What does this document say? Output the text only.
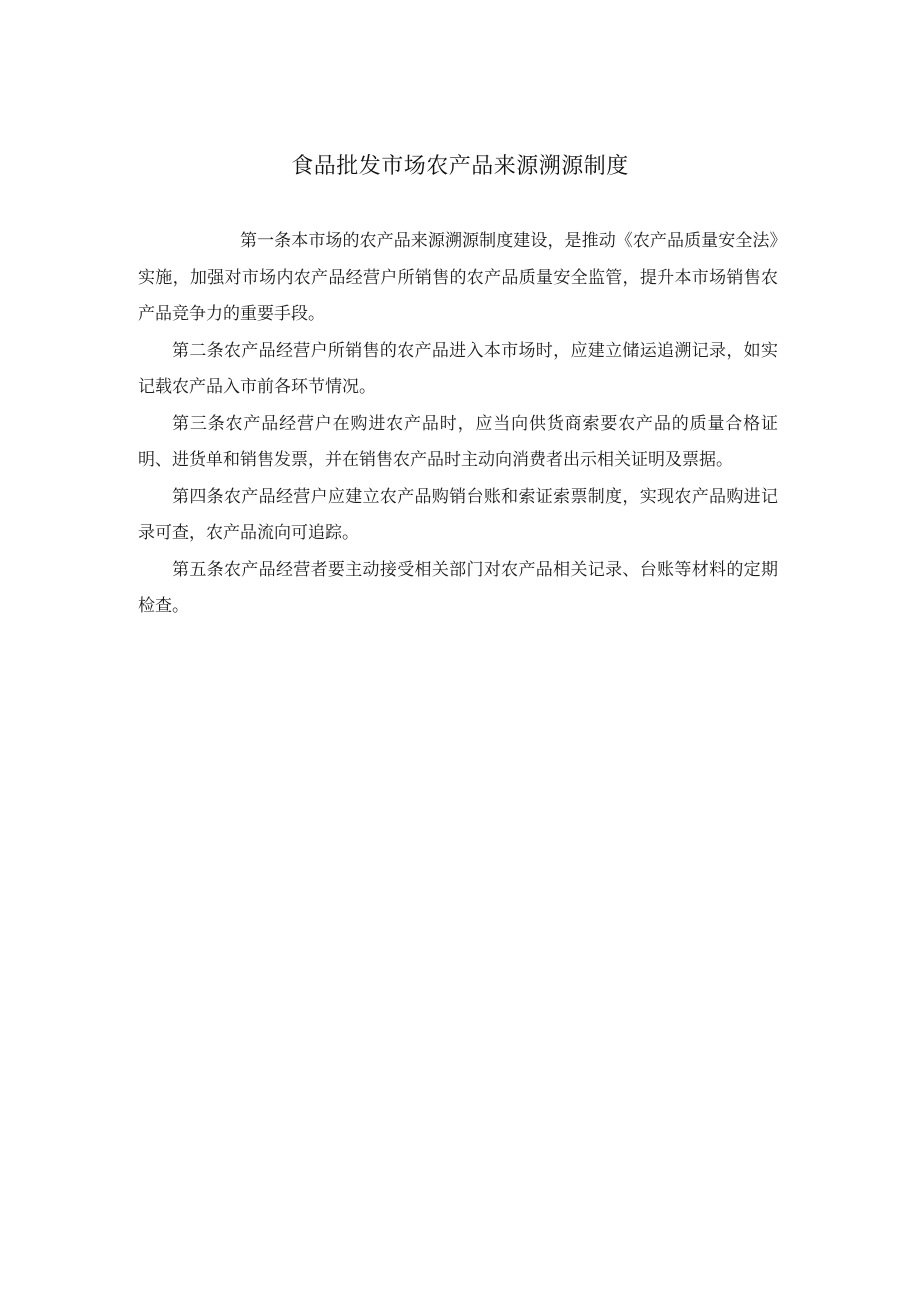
食品批发市场农产品来源溯源制度

第一条本市场的农产品来源溯源制度建设，是推动《农产品质量安全法》实施，加强对市场内农产品经营户所销售的农产品质量安全监管，提升本市场销售农产品竞争力的重要手段。

第二条农产品经营户所销售的农产品进入本市场时，应建立储运追溯记录，如实记载农产品入市前各环节情况。

第三条农产品经营户在购进农产品时，应当向供货商索要农产品的质量合格证明、进货单和销售发票，并在销售农产品时主动向消费者出示相关证明及票据。

第四条农产品经营户应建立农产品购销台账和索证索票制度，实现农产品购进记录可查，农产品流向可追踪。

第五条农产品经营者要主动接受相关部门对农产品相关记录、台账等材料的定期检查。
